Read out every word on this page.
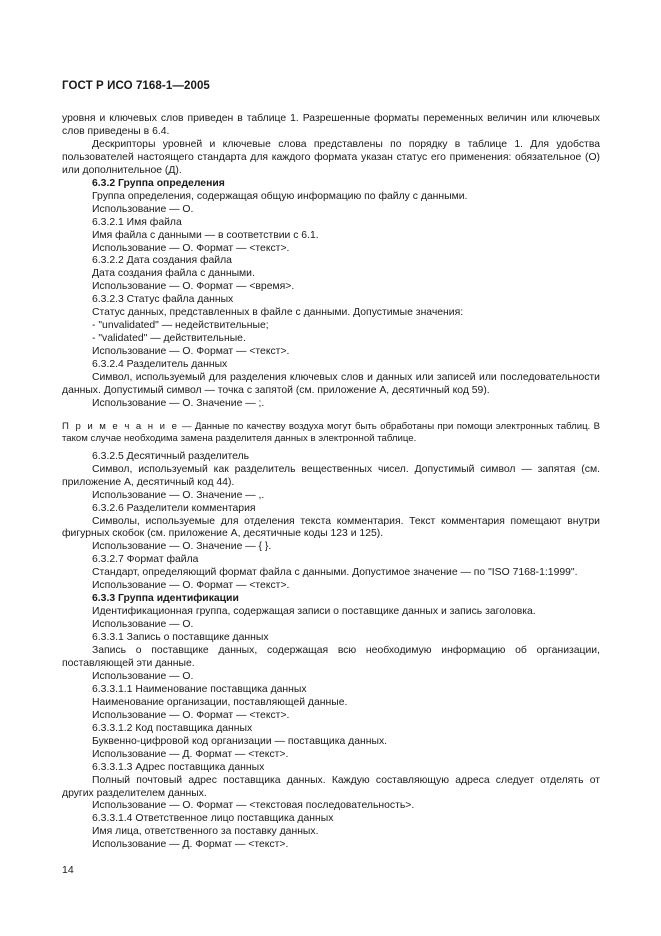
ГОСТ Р ИСО 7168-1—2005

уровня и ключевых слов приведен в таблице 1. Разрешенные форматы переменных величин или ключевых слов приведены в 6.4.

Дескрипторы уровней и ключевые слова представлены по порядку в таблице 1. Для удобства пользователей настоящего стандарта для каждого формата указан статус его применения: обязательное (О) или дополнительное (Д).

6.3.2 Группа определения

Группа определения, содержащая общую информацию по файлу с данными.

Использование — О.

6.3.2.1 Имя файла

Имя файла с данными — в соответствии с 6.1.

Использование — О. Формат — <текст>.

6.3.2.2 Дата создания файла

Дата создания файла с данными.

Использование — О. Формат — <время>.

6.3.2.3 Статус файла данных

Статус данных, представленных в файле с данными. Допустимые значения:

- "unvalidated" — недействительные;

- "validated" — действительные.

Использование — О. Формат — <текст>.

6.3.2.4 Разделитель данных

Символ, используемый для разделения ключевых слов и данных или записей или последовательности данных. Допустимый символ — точка с запятой (см. приложение А, десятичный код 59).

Использование — О. Значение — ;.

П р и м е ч а н и е — Данные по качеству воздуха могут быть обработаны при помощи электронных таблиц. В таком случае необходима замена разделителя данных в электронной таблице.

6.3.2.5 Десятичный разделитель

Символ, используемый как разделитель вещественных чисел. Допустимый символ — запятая (см. приложение А, десятичный код 44).

Использование — О. Значение — ,.

6.3.2.6 Разделители комментария

Символы, используемые для отделения текста комментария. Текст комментария помещают внутри фигурных скобок (см. приложение А, десятичные коды 123 и 125).

Использование — О. Значение — { }.

6.3.2.7 Формат файла

Стандарт, определяющий формат файла с данными. Допустимое значение — по "ISO 7168-1:1999".

Использование — О. Формат — <текст>.

6.3.3 Группа идентификации

Идентификационная группа, содержащая записи о поставщике данных и запись заголовка.

Использование — О.

6.3.3.1 Запись о поставщике данных

Запись о поставщике данных, содержащая всю необходимую информацию об организации, поставляющей эти данные.

Использование — О.

6.3.3.1.1 Наименование поставщика данных

Наименование организации, поставляющей данные.

Использование — О. Формат — <текст>.

6.3.3.1.2 Код поставщика данных

Буквенно-цифровой код организации — поставщика данных.

Использование — Д. Формат — <текст>.

6.3.3.1.3 Адрес поставщика данных

Полный почтовый адрес поставщика данных. Каждую составляющую адреса следует отделять от других разделителем данных.

Использование — О. Формат — <текстовая последовательность>.

6.3.3.1.4 Ответственное лицо поставщика данных

Имя лица, ответственного за поставку данных.

Использование — Д. Формат — <текст>.

14
